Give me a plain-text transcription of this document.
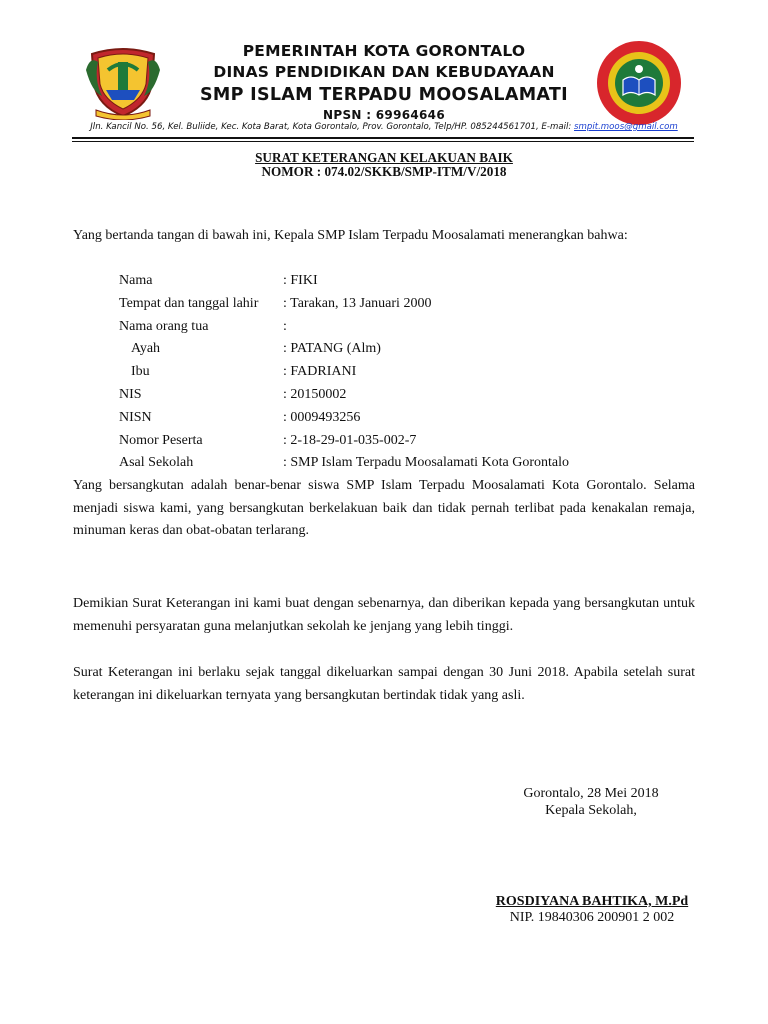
PEMERINTAH KOTA GORONTALO
DINAS PENDIDIKAN DAN KEBUDAYAAN
SMP ISLAM TERPADU MOOSALAMATI
NPSN : 69964646
Jln. Kancil No. 56, Kel. Buliide, Kec. Kota Barat, Kota Gorontalo, Prov. Gorontalo, Telp/HP. 085244561701, E-mail: smpit.moos@gmail.com
SURAT KETERANGAN KELAKUAN BAIK
NOMOR : 074.02/SKKB/SMP-ITM/V/2018

Yang bertanda tangan di bawah ini, Kepala SMP Islam Terpadu Moosalamati menerangkan bahwa:

Nama	: FIKI
Tempat dan tanggal lahir	: Tarakan, 13 Januari 2000
Nama orang tua	:
Ayah	: PATANG (Alm)
Ibu	: FADRIANI
NIS	: 20150002
NISN	: 0009493256
Nomor Peserta	: 2-18-29-01-035-002-7
Asal Sekolah	: SMP Islam Terpadu Moosalamati Kota Gorontalo

Yang bersangkutan adalah benar-benar siswa SMP Islam Terpadu Moosalamati Kota Gorontalo. Selama menjadi siswa kami, yang bersangkutan berkelakuan baik dan tidak pernah terlibat pada kenakalan remaja, minuman keras dan obat-obatan terlarang.

Demikian Surat Keterangan ini kami buat dengan sebenarnya, dan diberikan kepada yang bersangkutan untuk memenuhi persyaratan guna melanjutkan sekolah ke jenjang yang lebih tinggi.

Surat Keterangan ini berlaku sejak tanggal dikeluarkan sampai dengan 30 Juni 2018. Apabila setelah surat keterangan ini dikeluarkan ternyata yang bersangkutan bertindak tidak yang asli.

Gorontalo, 28 Mei 2018
Kepala Sekolah,
ROSDIYANA BAHTIKA, M.Pd
NIP. 19840306 200901 2 002
